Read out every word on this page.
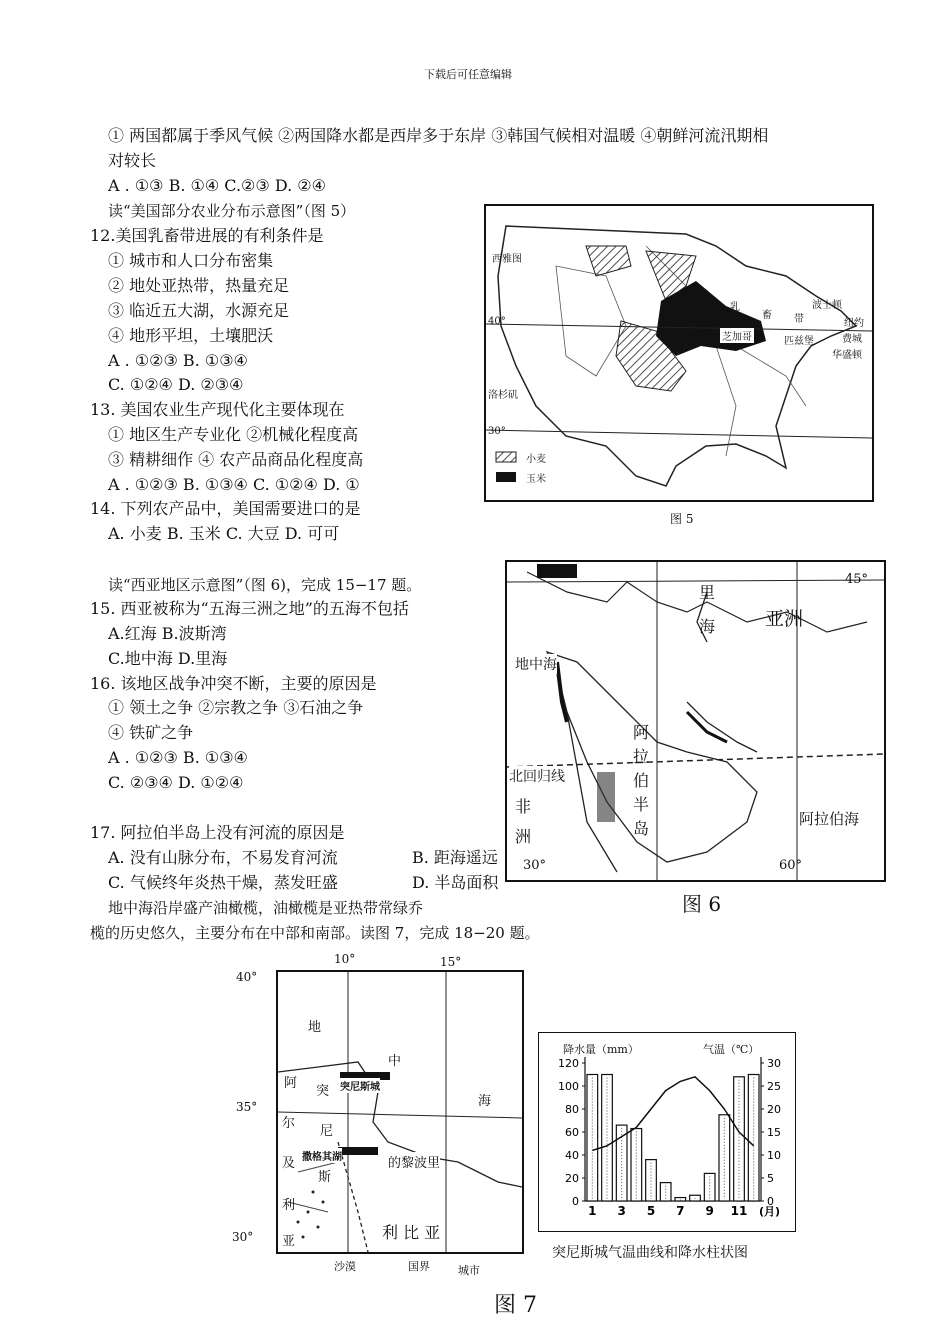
下载后可任意编辑
① 两国都属于季风气候 ②两国降水都是西岸多于东岸 ③韩国气候相对温暖 ④朝鲜河流汛期相
对较长
A . ①③ B. ①④ C.②③ D. ②④
读“美国部分农业分布示意图”（图 5）
12.美国乳畜带进展的有利条件是
① 城市和人口分布密集
② 地处亚热带，热量充足
③ 临近五大湖，水源充足
④ 地形平坦，土壤肥沃
A . ①②③ B. ①③④
C. ①②④ D. ②③④
13. 美国农业生产现代化主要体现在
① 地区生产专业化 ②机械化程度高
③ 精耕细作 ④ 农产品商品化程度高
A . ①②③ B. ①③④ C. ①②④ D. ①
14. 下列农产品中，美国需要进口的是
A. 小麦 B. 玉米 C. 大豆 D. 可可
西雅图
波士顿
纽约
费城
华盛顿
芝加哥	匹兹堡
洛杉矶
40°
30°
乳
畜 带
小麦
玉米
图 5
读“西亚地区示意图”（图 6)，完成 15−17 题。
15. 西亚被称为“五海三洲之地”的五海不包括
A.红海 B.波斯湾
C.地中海 D.里海
16. 该地区战争冲突不断，主要的原因是
① 领土之争 ②宗教之争 ③石油之争
④ 铁矿之争
A . ①②③ B. ①③④
C. ②③④ D. ①②④
17. 阿拉伯半岛上没有河流的原因是
A. 没有山脉分布，不易发育河流	B. 距海遥远
C. 气候终年炎热干燥，蒸发旺盛	D. 半岛面积
地中海沿岸盛产油橄榄，油橄榄是亚热带常绿乔
榄的历史悠久，主要分布在中部和南部。读图 7，完成 18−20 题。
45°
里
海	亚洲
地中海
阿
拉
伯
半
岛
北回归线
非
洲
阿拉伯海
30°	60°
图 6
地
中
海
阿
突
尔
尼
及
斯
利
亚
突尼斯城
撒格其湖	的黎波里
利 比 亚
40°
35°
30°
10°	15°
沙漠	国界	城市
图 7
降水量（mm）	气温（℃）
0
20
40
60
80
100
120
0
5
10
15
20
25
30
1 3 5 7 9 11 (月)
突尼斯城气温曲线和降水柱状图
